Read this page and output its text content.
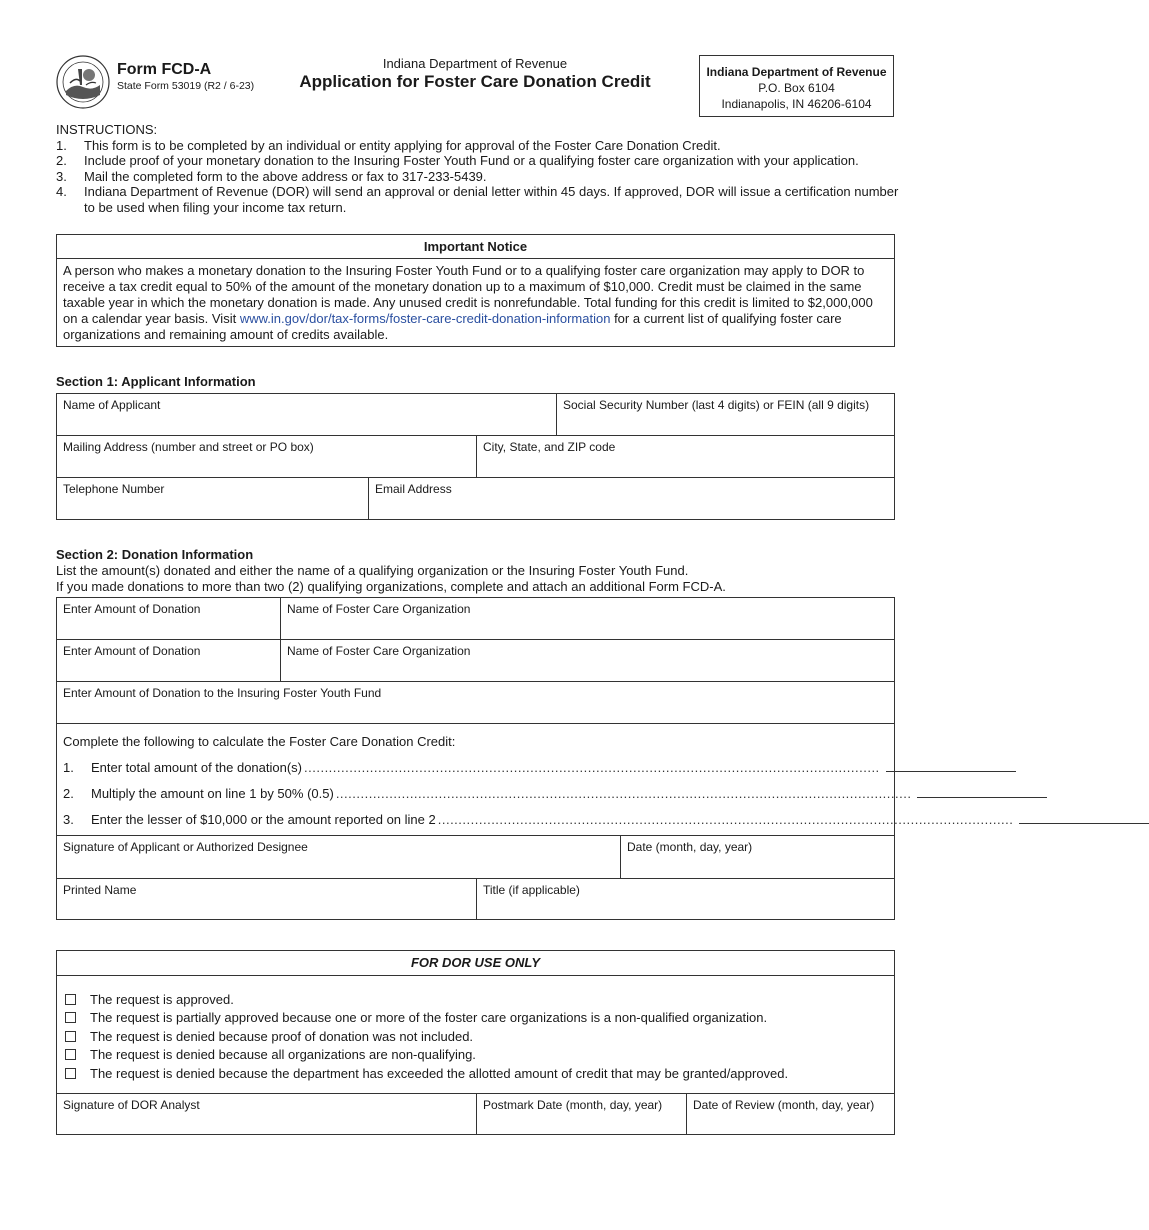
Form FCD-A
State Form 53019 (R2 / 6-23)
Indiana Department of Revenue
Application for Foster Care Donation Credit	Indiana Department of Revenue
P.O. Box 6104
Indianapolis, IN 46206-6104
INSTRUCTIONS:
1.	This form is to be completed by an individual or entity applying for approval of the Foster Care Donation Credit.
2.	Include proof of your monetary donation to the Insuring Foster Youth Fund or a qualifying foster care organization with your application.
3.	Mail the completed form to the above address or fax to 317-233-5439.
4.	Indiana Department of Revenue (DOR) will send an approval or denial letter within 45 days. If approved, DOR will issue a certification number to be used when filing your income tax return.
Important Notice
A person who makes a monetary donation to the Insuring Foster Youth Fund or to a qualifying foster care organization may apply to DOR to receive a tax credit equal to 50% of the amount of the monetary donation up to a maximum of $10,000. Credit must be claimed in the same taxable year in which the monetary donation is made. Any unused credit is nonrefundable. Total funding for this credit is limited to $2,000,000 on a calendar year basis. Visit www.in.gov/dor/tax-forms/foster-care-credit-donation-information for a current list of qualifying foster care organizations and remaining amount of credits available.
Section 1: Applicant Information
Name of Applicant	Social Security Number (last 4 digits) or FEIN (all 9 digits)
Mailing Address (number and street or PO box)	City, State, and ZIP code
Telephone Number	Email Address
Section 2: Donation Information
List the amount(s) donated and either the name of a qualifying organization or the Insuring Foster Youth Fund.
If you made donations to more than two (2) qualifying organizations, complete and attach an additional Form FCD-A.
Enter Amount of Donation	Name of Foster Care Organization
Enter Amount of Donation	Name of Foster Care Organization
Enter Amount of Donation to the Insuring Foster Youth Fund
Complete the following to calculate the Foster Care Donation Credit:
1.	Enter total amount of the donation(s) ............................................................................................................................................
2.	Multiply the amount on line 1 by 50% (0.5) ............................................................................................................................................
3.	Enter the lesser of $10,000 or the amount reported on line 2 ............................................................................................................................................
Signature of Applicant or Authorized Designee	Date (month, day, year)
Printed Name	Title (if applicable)
FOR DOR USE ONLY
The request is approved.
The request is partially approved because one or more of the foster care organizations is a non-qualified organization.
The request is denied because proof of donation was not included.
The request is denied because all organizations are non-qualifying.
The request is denied because the department has exceeded the allotted amount of credit that may be granted/approved.
Signature of DOR Analyst	Postmark Date (month, day, year)	Date of Review (month, day, year)
